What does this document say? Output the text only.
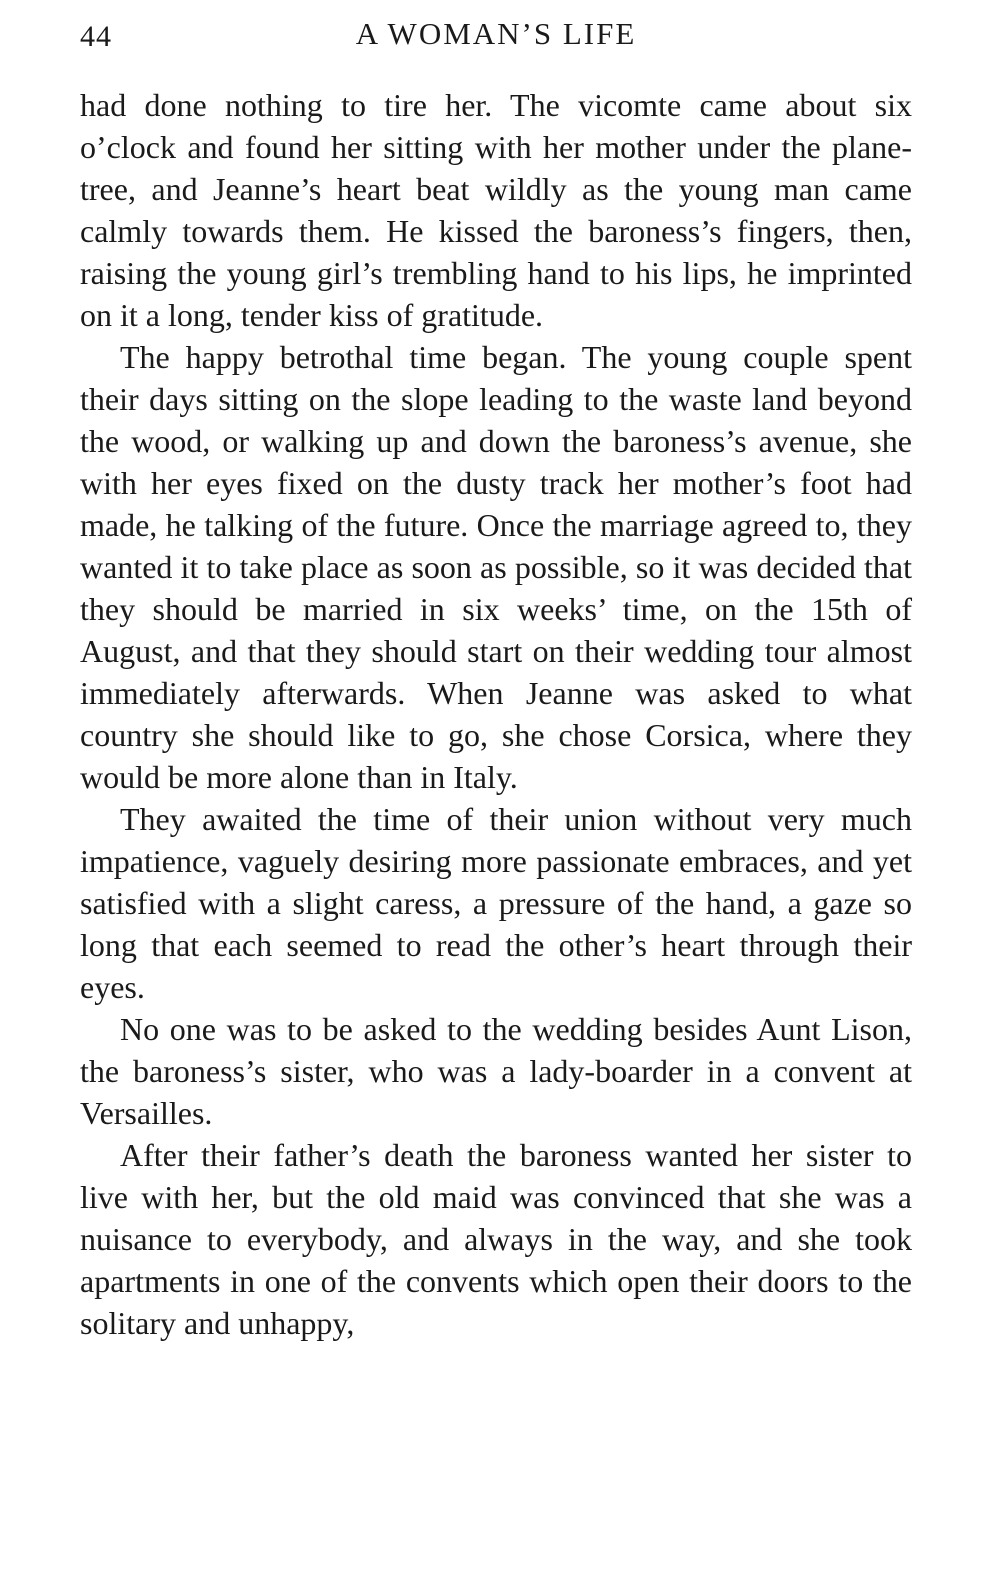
44	A WOMAN’S LIFE

had done nothing to tire her. The vicomte came about six o’clock and found her sitting with her mother under the plane-tree, and Jeanne’s heart beat wildly as the young man came calmly towards them. He kissed the baroness’s fingers, then, raising the young girl’s trembling hand to his lips, he imprinted on it a long, tender kiss of gratitude.

The happy betrothal time began. The young couple spent their days sitting on the slope leading to the waste land beyond the wood, or walking up and down the baroness’s avenue, she with her eyes fixed on the dusty track her mother’s foot had made, he talking of the future. Once the marriage agreed to, they wanted it to take place as soon as possible, so it was decided that they should be married in six weeks’ time, on the 15th of August, and that they should start on their wedding tour almost immediately afterwards. When Jeanne was asked to what country she should like to go, she chose Corsica, where they would be more alone than in Italy.

They awaited the time of their union without very much impatience, vaguely desiring more passionate embraces, and yet satisfied with a slight caress, a pressure of the hand, a gaze so long that each seemed to read the other’s heart through their eyes.

No one was to be asked to the wedding besides Aunt Lison, the baroness’s sister, who was a lady-boarder in a convent at Versailles.

After their father’s death the baroness wanted her sister to live with her, but the old maid was convinced that she was a nuisance to everybody, and always in the way, and she took apartments in one of the convents which open their doors to the solitary and unhappy,
